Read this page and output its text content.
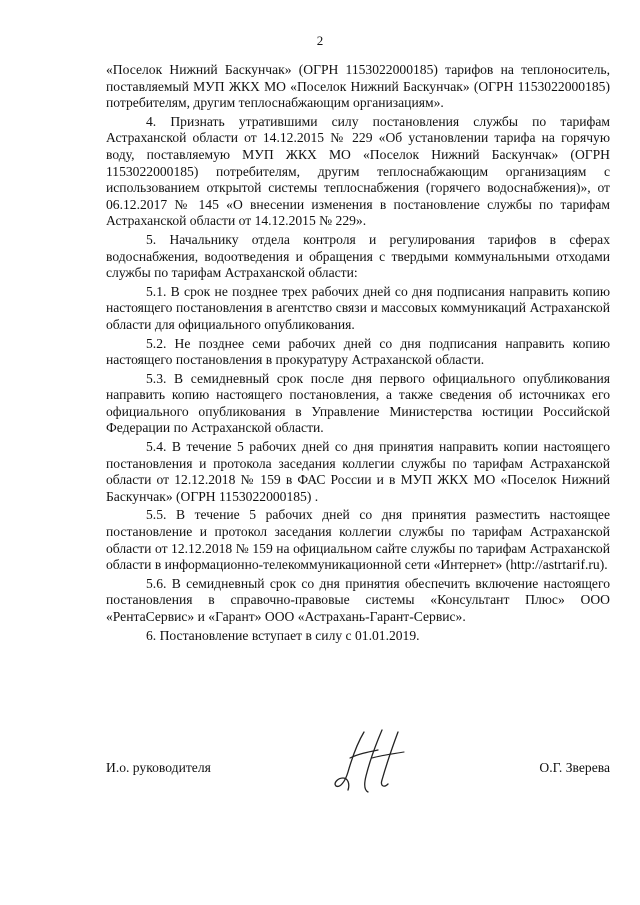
2

«Поселок Нижний Баскунчак» (ОГРН 1153022000185) тарифов на теплоноситель, поставляемый МУП ЖКХ МО «Поселок Нижний Баскунчак» (ОГРН 1153022000185) потребителям, другим теплоснабжающим организациям».

4. Признать утратившими силу постановления службы по тарифам Астраханской области от 14.12.2015 № 229 «Об установлении тарифа на горячую воду, поставляемую МУП ЖКХ МО «Поселок Нижний Баскунчак» (ОГРН 1153022000185) потребителям, другим теплоснабжающим организациям с использованием открытой системы теплоснабжения (горячего водоснабжения)», от 06.12.2017 № 145 «О внесении изменения в постановление службы по тарифам Астраханской области от 14.12.2015 № 229».

5. Начальнику отдела контроля и регулирования тарифов в сферах водоснабжения, водоотведения и обращения с твердыми коммунальными отходами службы по тарифам Астраханской области:

5.1. В срок не позднее трех рабочих дней со дня подписания направить копию настоящего постановления в агентство связи и массовых коммуникаций Астраханской области для официального опубликования.

5.2. Не позднее семи рабочих дней со дня подписания направить копию настоящего постановления в прокуратуру Астраханской области.

5.3. В семидневный срок после дня первого официального опубликования направить копию настоящего постановления, а также сведения об источниках его официального опубликования в Управление Министерства юстиции Российской Федерации по Астраханской области.

5.4. В течение 5 рабочих дней со дня принятия направить копии настоящего постановления и протокола заседания коллегии службы по тарифам Астраханской области от 12.12.2018 № 159 в ФАС России и в МУП ЖКХ МО «Поселок Нижний Баскунчак» (ОГРН 1153022000185) .

5.5. В течение 5 рабочих дней со дня принятия разместить настоящее постановление и протокол заседания коллегии службы по тарифам Астраханской области от 12.12.2018 № 159 на официальном сайте службы по тарифам Астраханской области в информационно-телекоммуникационной сети «Интернет» (http://astrtarif.ru).

5.6. В семидневный срок со дня принятия обеспечить включение настоящего постановления в справочно-правовые системы «Консультант Плюс» ООО «РентаСервис» и «Гарант» ООО «Астрахань-Гарант-Сервис».

6. Постановление вступает в силу с 01.01.2019.

И.о. руководителя	О.Г. Зверева
